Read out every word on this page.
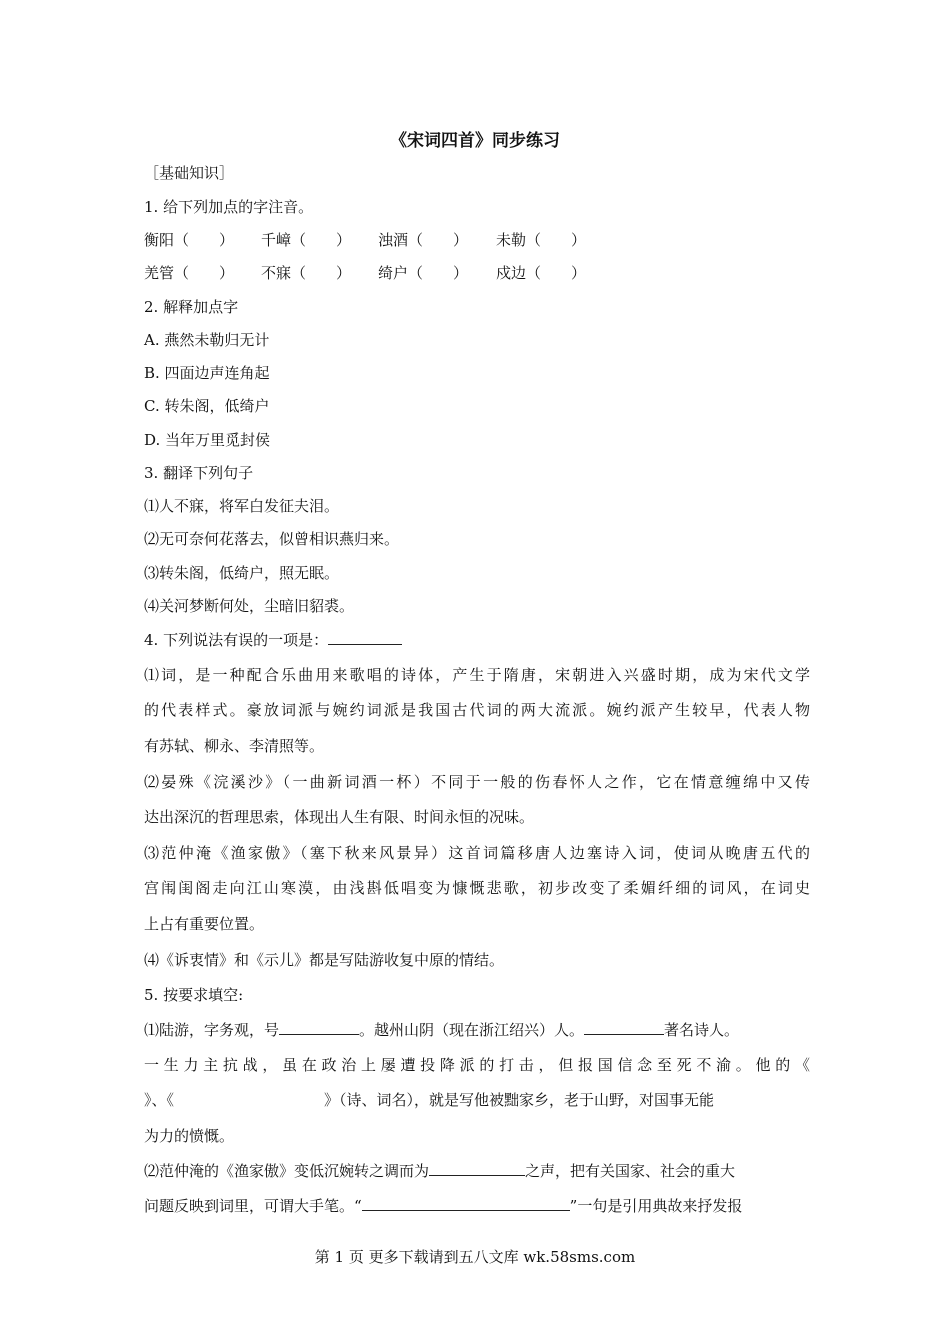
《宋词四首》同步练习
［基础知识］
1. 给下列加点的字注音。
衡阳（　　） 千嶂（　　） 浊酒（　　） 未勒（　　）
羌管（　　） 不寐（　　） 绮户（　　） 戍边（　　）
2. 解释加点字
A. 燕然未勒归无计
B. 四面边声连角起
C. 转朱阁，低绮户
D. 当年万里觅封侯
3. 翻译下列句子
⑴人不寐，将军白发征夫泪。
⑵无可奈何花落去，似曾相识燕归来。
⑶转朱阁，低绮户，照无眠。
⑷关河梦断何处，尘暗旧貂裘。
4. 下列说法有误的一项是：
⑴词，是一种配合乐曲用来歌唱的诗体，产生于隋唐，宋朝进入兴盛时期，成为宋代文学
的代表样式。豪放词派与婉约词派是我国古代词的两大流派。婉约派产生较早，代表人物
有苏轼、柳永、李清照等。
⑵晏殊《浣溪沙》（一曲新词酒一杯）不同于一般的伤春怀人之作，它在情意缠绵中又传
达出深沉的哲理思索，体现出人生有限、时间永恒的况味。
⑶范仲淹《渔家傲》（塞下秋来风景异）这首词篇移唐人边塞诗入词，使词从晚唐五代的
宫闱闺阁走向江山寒漠，由浅斟低唱变为慷慨悲歌，初步改变了柔媚纤细的词风，在词史
上占有重要位置。
⑷《诉衷情》和《示儿》都是写陆游收复中原的情结。
5. 按要求填空:
⑴陆游，字务观，号	。越州山阴（现在浙江绍兴）人。	著名诗人。
一生力主抗战，虽在政治上屡遭投降派的打击，但报国信念至死不渝。他的《
》、《	》（诗、词名），就是写他被黜家乡，老于山野，对国事无能
为力的愤慨。
⑵范仲淹的《渔家傲》变低沉婉转之调而为	之声，把有关国家、社会的重大
问题反映到词里，可谓大手笔。“	”一句是引用典故来抒发报
第 1 页 更多下载请到五八文库 wk.58sms.com
